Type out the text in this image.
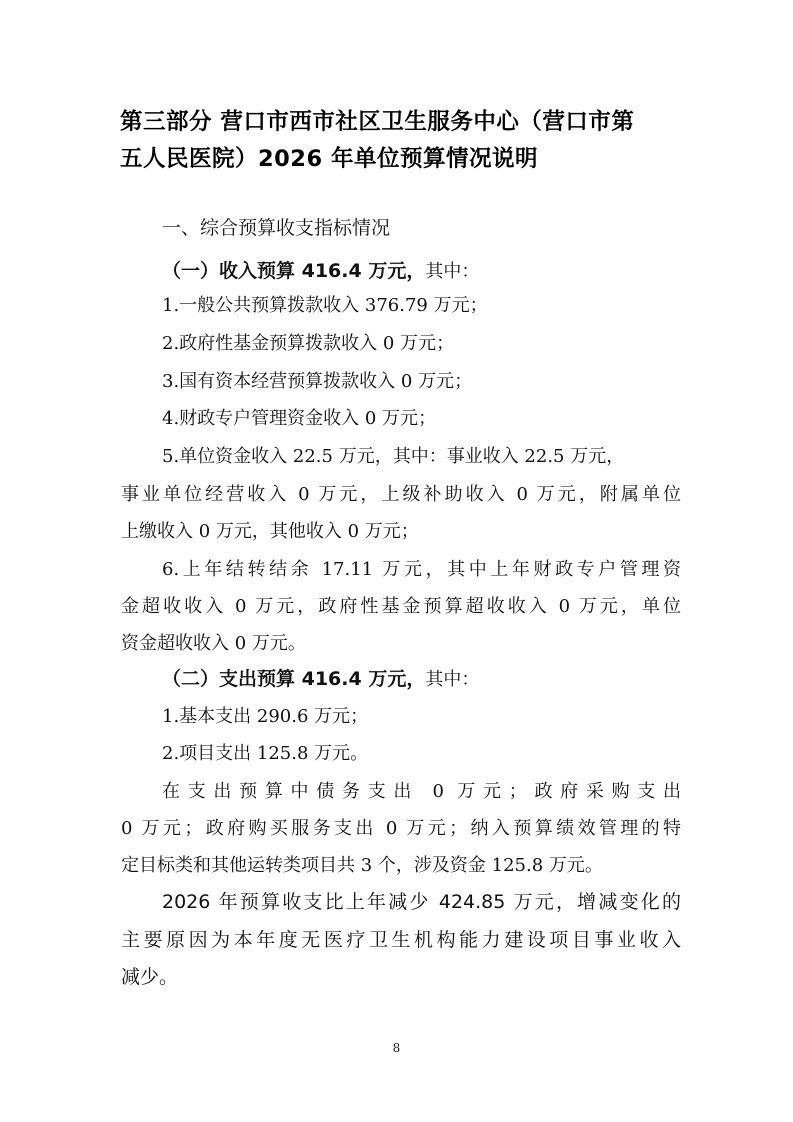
第三部分 营口市西市社区卫生服务中心（营口市第
五人民医院）2026 年单位预算情况说明
一、综合预算收支指标情况
（一）收入预算 416.4 万元，其中：
1.一般公共预算拨款收入 376.79 万元；
2.政府性基金预算拨款收入 0 万元；
3.国有资本经营预算拨款收入 0 万元；
4.财政专户管理资金收入 0 万元；
5.单位资金收入 22.5 万元，其中：事业收入 22.5 万元，
事业单位经营收入 0 万元，上级补助收入 0 万元，附属单位
上缴收入 0 万元，其他收入 0 万元；
6.上年结转结余 17.11 万元，其中上年财政专户管理资
金超收收入 0 万元，政府性基金预算超收收入 0 万元，单位
资金超收收入 0 万元。
（二）支出预算 416.4 万元，其中：
1.基本支出 290.6 万元；
2.项目支出 125.8 万元。
在支出预算中债务支出 0 万元；政府采购支出
0 万元；政府购买服务支出 0 万元；纳入预算绩效管理的特
定目标类和其他运转类项目共 3 个，涉及资金 125.8 万元。
2026 年预算收支比上年减少 424.85 万元，增减变化的
主要原因为本年度无医疗卫生机构能力建设项目事业收入
减少。
8
